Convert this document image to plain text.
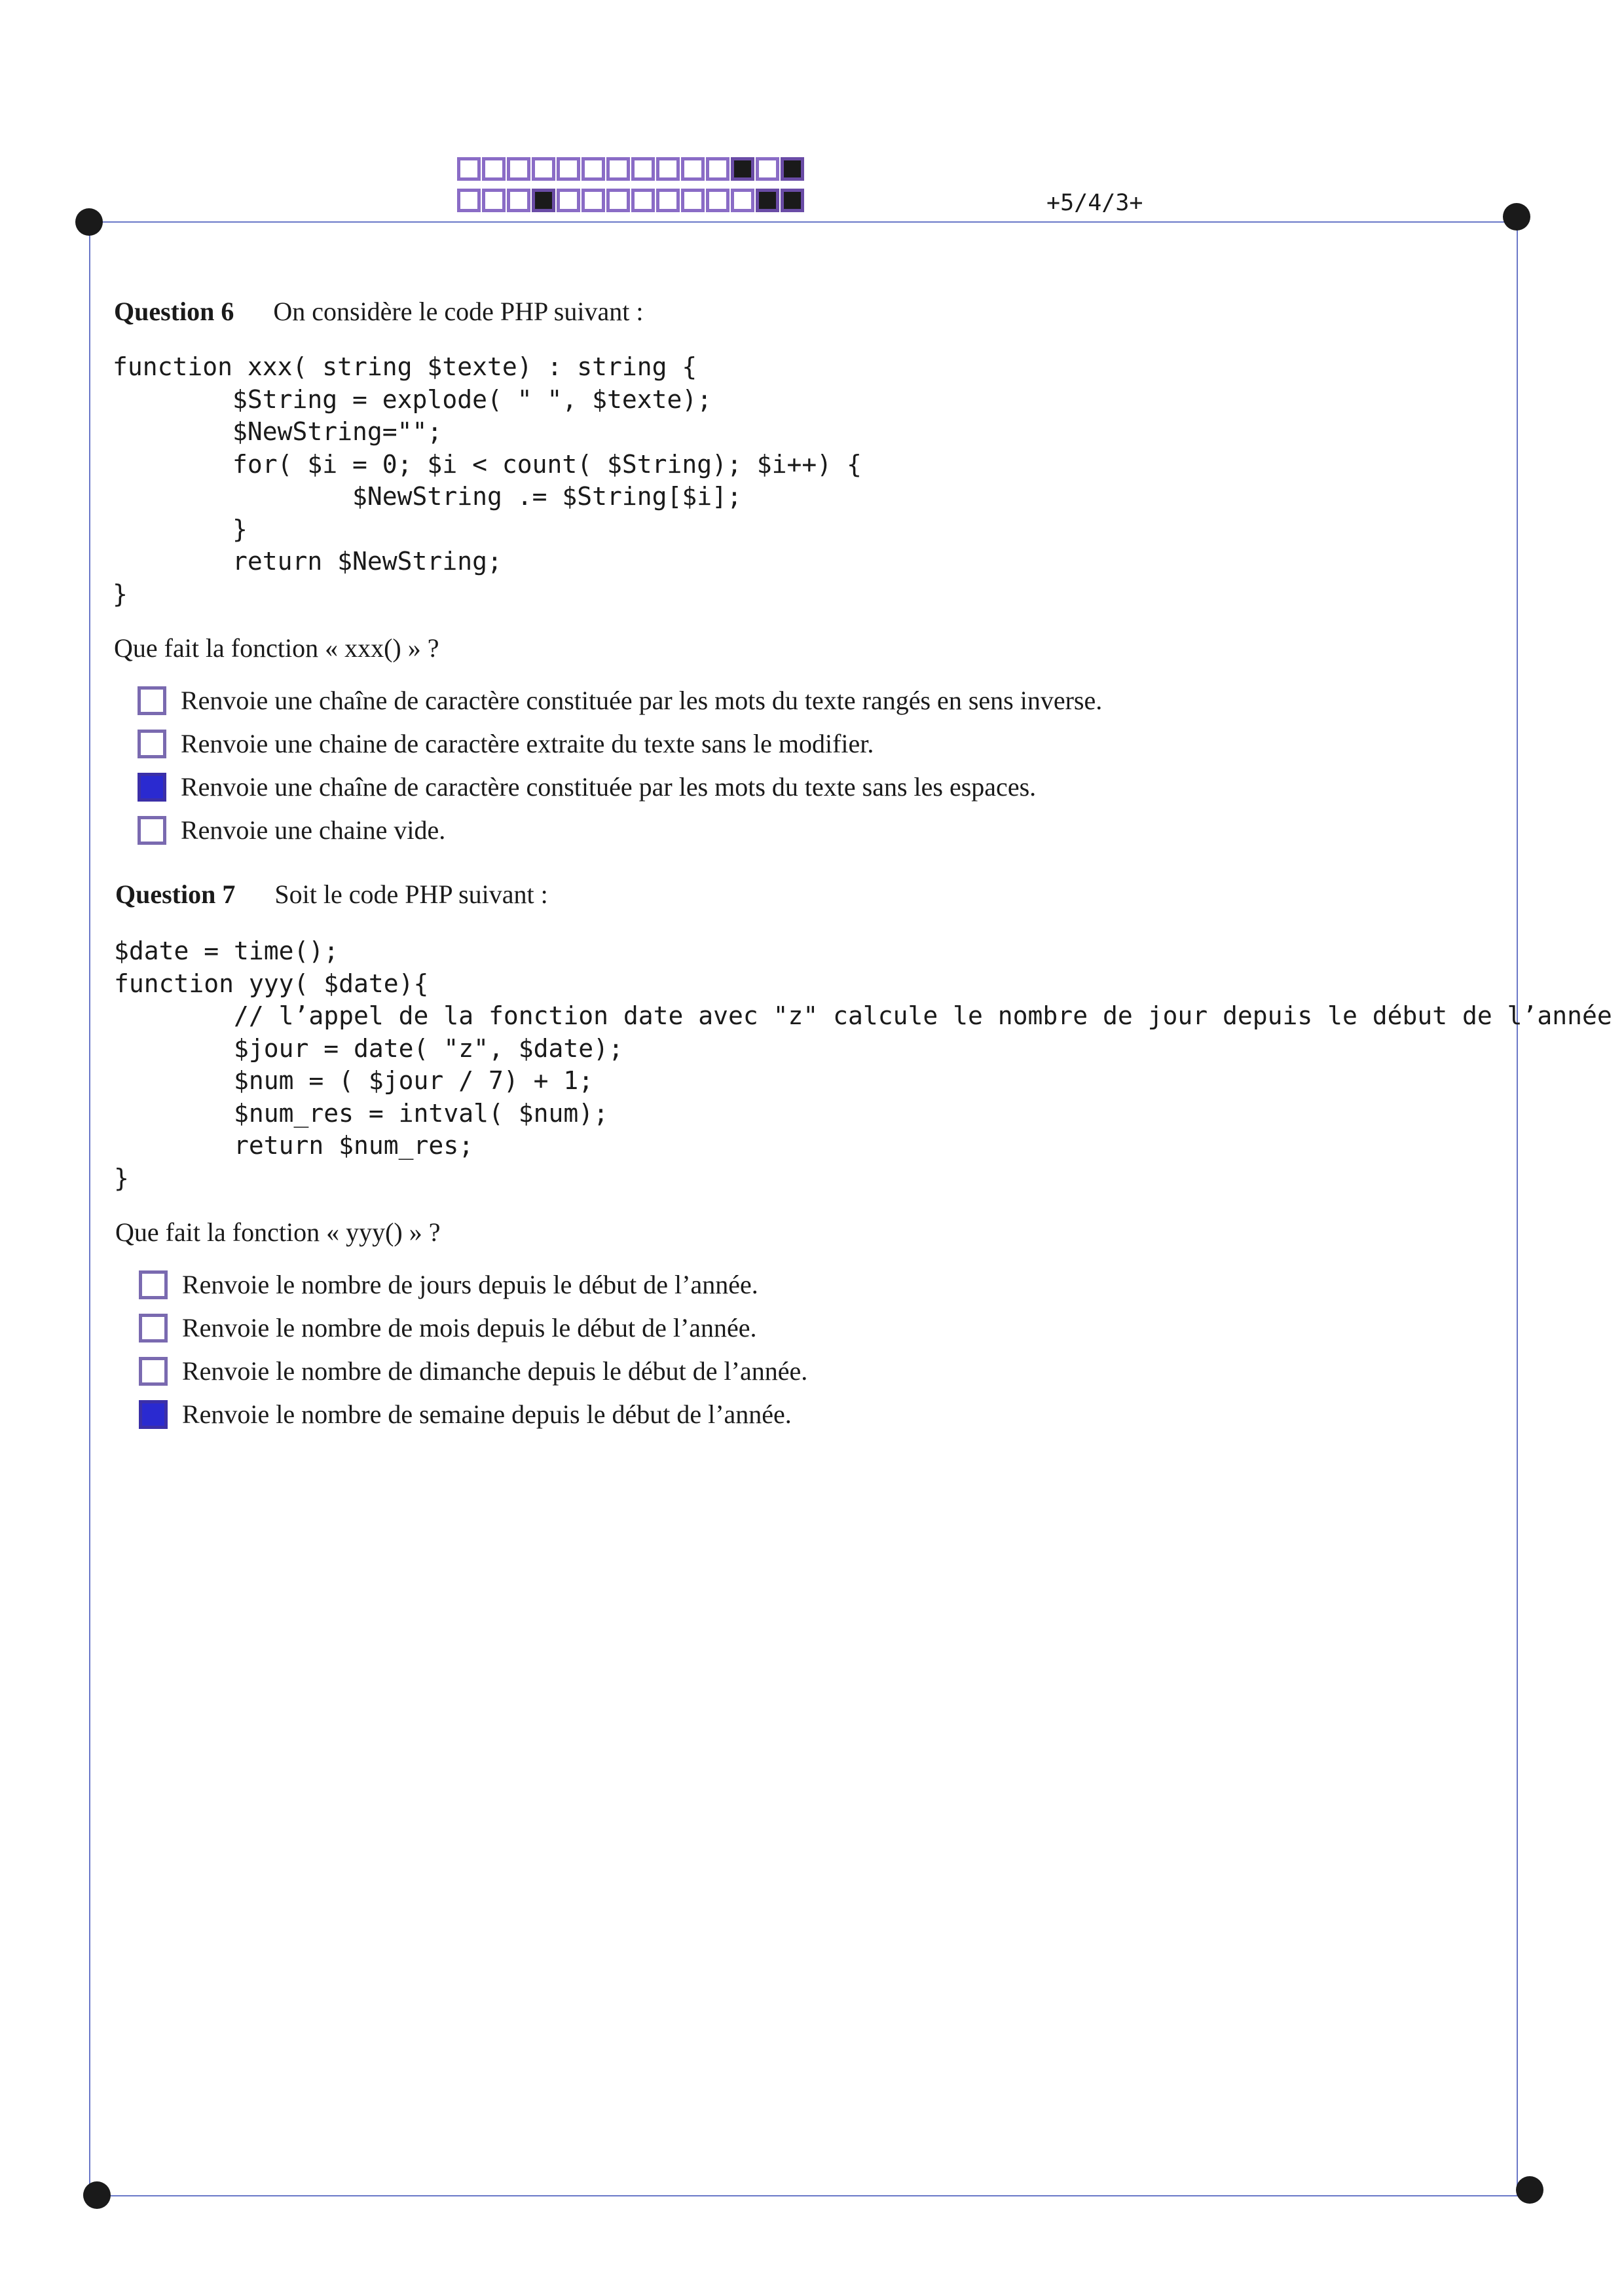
+5/4/3+
Question 6 On considère le code PHP suivant :
function xxx( string $texte) : string {
$String = explode( " ", $texte);
$NewString="";
for( $i = 0; $i < count( $String); $i++) {
$NewString .= $String[$i];
}
return $NewString;
}
Que fait la fonction « xxx() » ?
Renvoie une chaîne de caractère constituée par les mots du texte rangés en sens inverse.
Renvoie une chaine de caractère extraite du texte sans le modifier.
Renvoie une chaîne de caractère constituée par les mots du texte sans les espaces.
Renvoie une chaine vide.
Question 7 Soit le code PHP suivant :
$date = time();
function yyy( $date){
// l’appel de la fonction date avec "z" calcule le nombre de jour depuis le début de l’année
$jour = date( "z", $date);
$num = ( $jour / 7) + 1;
$num_res = intval( $num);
return $num_res;
}
Que fait la fonction « yyy() » ?
Renvoie le nombre de jours depuis le début de l’année.
Renvoie le nombre de mois depuis le début de l’année.
Renvoie le nombre de dimanche depuis le début de l’année.
Renvoie le nombre de semaine depuis le début de l’année.
